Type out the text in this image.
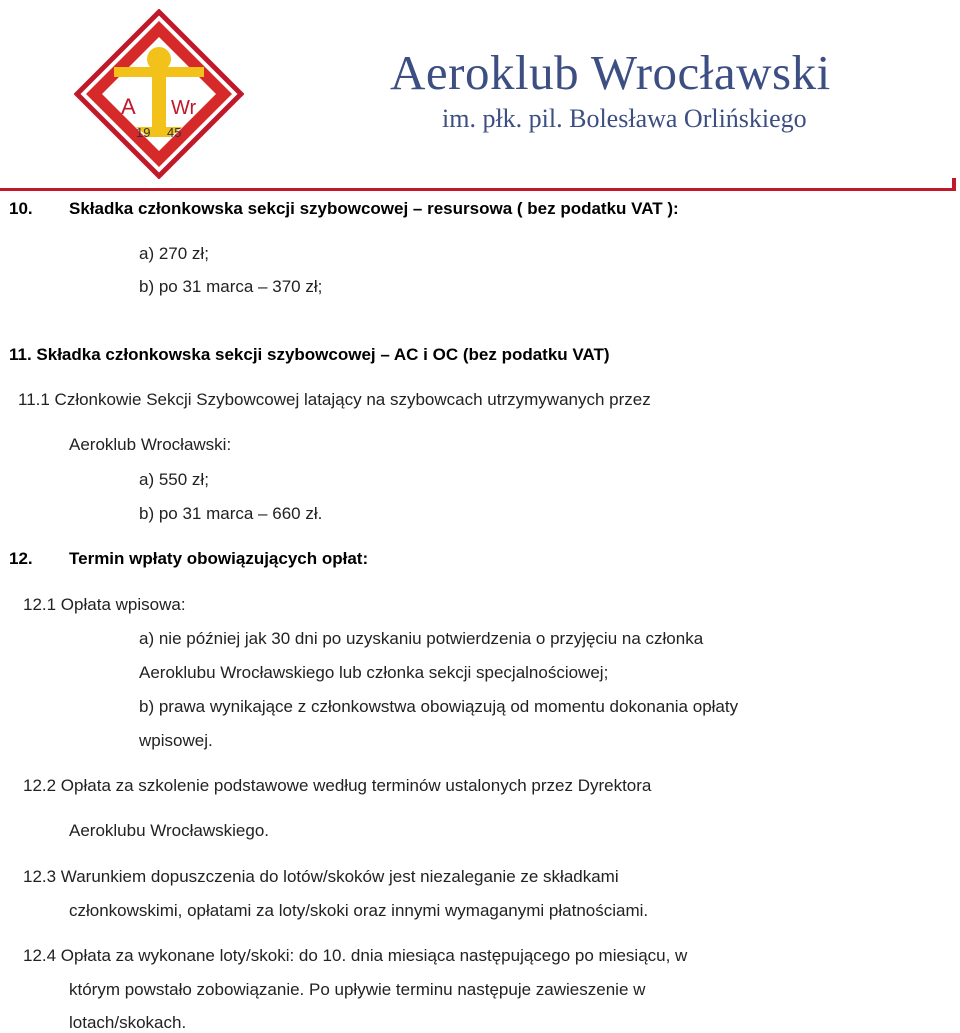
A Wr
19 45
Aeroklub Wrocławski
im. płk. pil. Bolesława Orlińskiego
10. Składka członkowska sekcji szybowcowej – resursowa ( bez podatku VAT ):
a) 270 zł;
b) po 31 marca – 370 zł;
11. Składka członkowska sekcji szybowcowej – AC i OC (bez podatku VAT)
11.1 Członkowie Sekcji Szybowcowej latający na szybowcach utrzymywanych przez
Aeroklub Wrocławski:
a) 550 zł;
b) po 31 marca – 660 zł.
12. Termin wpłaty obowiązujących opłat:
12.1 Opłata wpisowa:
a) nie później jak 30 dni po uzyskaniu potwierdzenia o przyjęciu na członka
Aeroklubu Wrocławskiego lub członka sekcji specjalnościowej;
b) prawa wynikające z członkowstwa obowiązują od momentu dokonania opłaty
wpisowej.
12.2 Opłata za szkolenie podstawowe według terminów ustalonych przez Dyrektora
Aeroklubu Wrocławskiego.
12.3 Warunkiem dopuszczenia do lotów/skoków jest niezaleganie ze składkami
członkowskimi, opłatami za loty/skoki oraz innymi wymaganymi płatnościami.
12.4 Opłata za wykonane loty/skoki: do 10. dnia miesiąca następującego po miesiącu, w
którym powstało zobowiązanie. Po upływie terminu następuje zawieszenie w
lotach/skokach.
